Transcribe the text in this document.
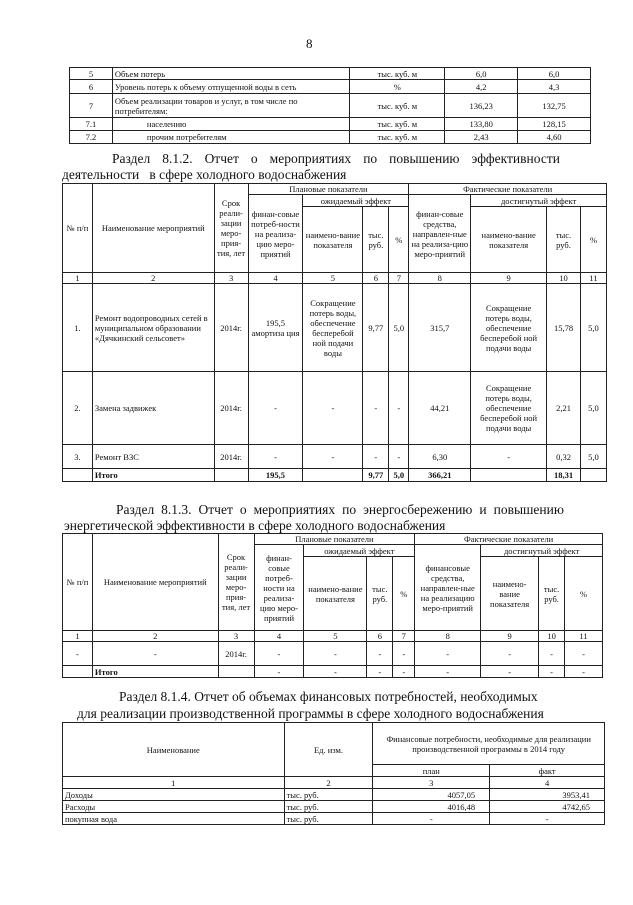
8
5	Объем потерь	тыс. куб. м	6,0	6,0
6	Уровень потерь к объему отпущенной воды в сеть	%	4,2	4,3
7	Объем реализации товаров и услуг, в том числе по потребителям:	тыс. куб. м	136,23	132,75
7.1	населению	тыс. куб. м	133,80	128,15
7.2	прочим потребителям	тыс. куб. м	2,43	4,60
Раздел 8.1.2. Отчет о мероприятиях по повышению эффективности
деятельности   в сфере холодного водоснабжения
№ п/п	Наименование мероприятий	Срок реали-зации меро-прия-тия, лет	Плановые показатели				Фактические показатели			
			финан-совые потреб-ности на реализа-цию меро-приятий	ожидаемый эффект			финан-совые средства, направлен-ные на реализа-цию меро-приятий	достигнутый эффект		
				наимено-вание показателя	тыс. руб.	%		наимено-вание показателя	тыс. руб.	%
1	2	3	4	5	6	7	8	9	10	11
1.	Ремонт водопроводных сетей в муниципальном образовании «Дячкинский сельсовет»	2014г.	195,5 амортиза ция	Сокращение потерь воды, обеспечение бесперебой ной подачи воды	9,77	5,0	315,7	Сокращение потерь воды, обеспечение бесперебой ной подачи воды	15,78	5,0
2.	Замена задвижек	2014г.	-	-	-	-	44,21	Сокращение потерь воды, обеспечение бесперебой ной подачи воды	2,21	5,0
3.	Ремонт ВЗС	2014г.	-	-	-	-	6,30	-	0,32	5,0
	Итого		195,5		9,77	5,0	366,21		18,31	
Раздел 8.1.3. Отчет о мероприятиях по энергосбережению и повышению
энергетической эффективности в сфере холодного водоснабжения
№ п/п	Наименование мероприятий	Срок реали-зации меро-прия-тия, лет	Плановые показатели				Фактические показатели			
			финан-совые потреб-ности на реализа-цию меро-приятий	ожидаемый эффект			финансовые средства, направлен-ные на реализацию меро-приятий	достигнутый эффект		
				наимено-вание показателя	тыс. руб.	%		наимено-вание показателя	тыс. руб.	%
1	2	3	4	5	6	7	8	9	10	11
-	-	2014г.	-	-	-	-	-	-	-	-
	Итого		-	-	-	-	-	-	-	-
Раздел 8.1.4. Отчет об объемах финансовых потребностей, необходимых
для реализации производственной программы в сфере холодного водоснабжения
Наименование	Ед. изм.	Финансовые потребности, необходимые для реализации производственной программы в 2014 году	
		план	факт
1	2	3	4
Доходы	тыс. руб.	4057,05	3953,41
Расходы	тыс. руб.	4016,48	4742,65
покупная вода	тыс. руб.	-	-
